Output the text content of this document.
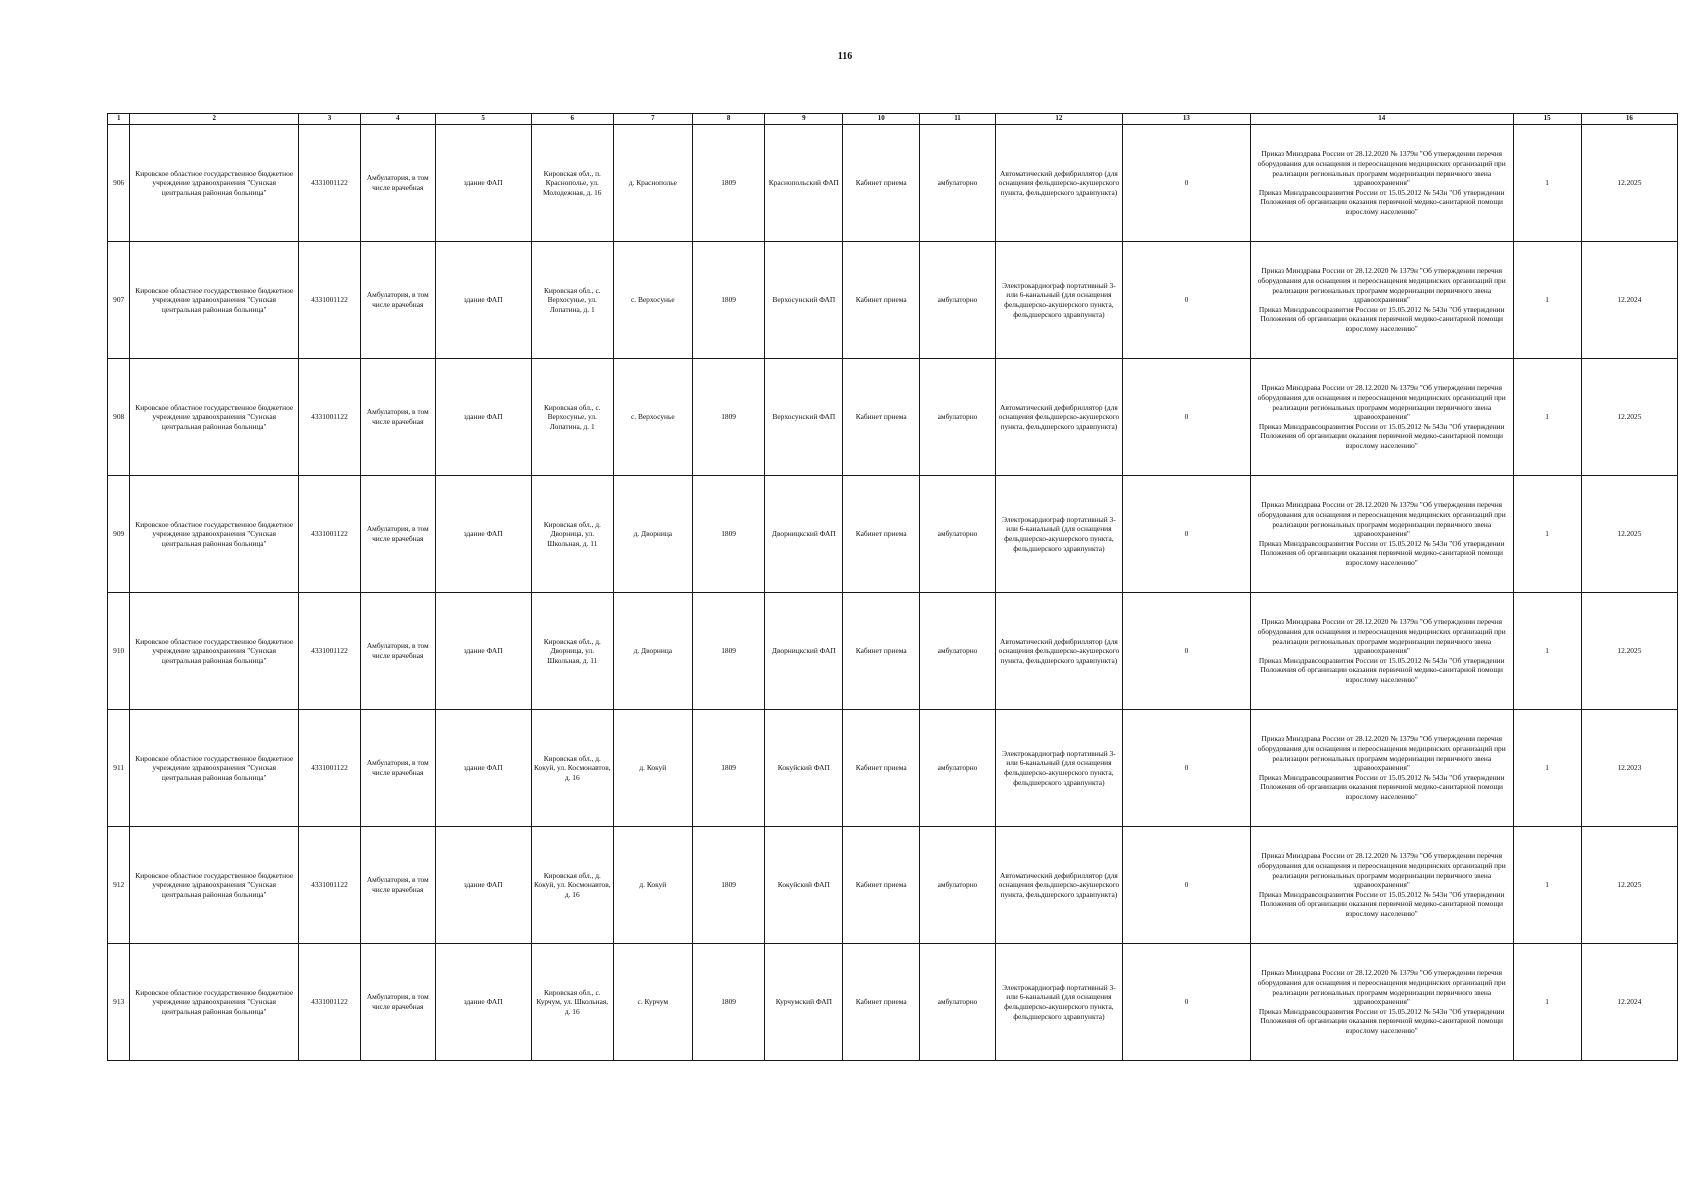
116
1	2	3	4	5	6	7	8	9	10	11	12	13	14	15	16
906	Кировское областное государственное бюджетное учреждение здравоохранения "Сунская центральная районная больница"	4331001122	Амбулатория, в том числе врачебная	здание ФАП	Кировская обл., п. Краснополье, ул. Молодежная, д. 16	д. Краснополье	1809	Краснопольский ФАП	Кабинет приема	амбулаторно	Автоматический дефибриллятор (для оснащения фельдшерско-акушерского пункта, фельдшерского здравпункта)	0	Приказ Минздрава России от 28.12.2020 № 1379н "Об утверждении перечня оборудования для оснащения и переоснащения медицинских организаций при реализации региональных программ модернизации первичного звена здравоохранения"
Приказ Минздравсоцразвития России от 15.05.2012 № 543н "Об утверждении Положения об организации оказания первичной медико-санитарной помощи взрослому населению"	1	12.2025
907	Кировское областное государственное бюджетное учреждение здравоохранения "Сунская центральная районная больница"	4331001122	Амбулатория, в том числе врачебная	здание ФАП	Кировская обл., с. Верхосунье, ул. Лопатина, д. 1	с. Верхосунье	1809	Верхосунский ФАП	Кабинет приема	амбулаторно	Электрокардиограф портативный 3- или 6-канальный (для оснащения фельдшерско-акушерского пункта, фельдшерского здравпункта)	0	Приказ Минздрава России от 28.12.2020 № 1379н "Об утверждении перечня оборудования для оснащения и переоснащения медицинских организаций при реализации региональных программ модернизации первичного звена здравоохранения"
Приказ Минздравсоцразвития России от 15.05.2012 № 543н "Об утверждении Положения об организации оказания первичной медико-санитарной помощи взрослому населению"	1	12.2024
908	Кировское областное государственное бюджетное учреждение здравоохранения "Сунская центральная районная больница"	4331001122	Амбулатория, в том числе врачебная	здание ФАП	Кировская обл., с. Верхосунье, ул. Лопатина, д. 1	с. Верхосунье	1809	Верхосунский ФАП	Кабинет приема	амбулаторно	Автоматический дефибриллятор (для оснащения фельдшерско-акушерского пункта, фельдшерского здравпункта)	0	Приказ Минздрава России от 28.12.2020 № 1379н "Об утверждении перечня оборудования для оснащения и переоснащения медицинских организаций при реализации региональных программ модернизации первичного звена здравоохранения"
Приказ Минздравсоцразвития России от 15.05.2012 № 543н "Об утверждении Положения об организации оказания первичной медико-санитарной помощи взрослому населению"	1	12.2025
909	Кировское областное государственное бюджетное учреждение здравоохранения "Сунская центральная районная больница"	4331001122	Амбулатория, в том числе врачебная	здание ФАП	Кировская обл., д. Дворница, ул. Школьная, д. 11	д. Дворница	1809	Дворницкский ФАП	Кабинет приема	амбулаторно	Электрокардиограф портативный 3- или 6-канальный (для оснащения фельдшерско-акушерского пункта, фельдшерского здравпункта)	0	Приказ Минздрава России от 28.12.2020 № 1379н "Об утверждении перечня оборудования для оснащения и переоснащения медицинских организаций при реализации региональных программ модернизации первичного звена здравоохранения"
Приказ Минздравсоцразвития России от 15.05.2012 № 543н "Об утверждении Положения об организации оказания первичной медико-санитарной помощи взрослому населению"	1	12.2025
910	Кировское областное государственное бюджетное учреждение здравоохранения "Сунская центральная районная больница"	4331001122	Амбулатория, в том числе врачебная	здание ФАП	Кировская обл., д. Дворница, ул. Школьная, д. 11	д. Дворница	1809	Дворницкский ФАП	Кабинет приема	амбулаторно	Автоматический дефибриллятор (для оснащения фельдшерско-акушерского пункта, фельдшерского здравпункта)	0	Приказ Минздрава России от 28.12.2020 № 1379н "Об утверждении перечня оборудования для оснащения и переоснащения медицинских организаций при реализации региональных программ модернизации первичного звена здравоохранения"
Приказ Минздравсоцразвития России от 15.05.2012 № 543н "Об утверждении Положения об организации оказания первичной медико-санитарной помощи взрослому населению"	1	12.2025
911	Кировское областное государственное бюджетное учреждение здравоохранения "Сунская центральная районная больница"	4331001122	Амбулатория, в том числе врачебная	здание ФАП	Кировская обл., д. Кокуй, ул. Космонавтов, д. 16	д. Кокуй	1809	Кокуйский ФАП	Кабинет приема	амбулаторно	Электрокардиограф портативный 3- или 6-канальный (для оснащения фельдшерско-акушерского пункта, фельдшерского здравпункта)	0	Приказ Минздрава России от 28.12.2020 № 1379н "Об утверждении перечня оборудования для оснащения и переоснащения медицинских организаций при реализации региональных программ модернизации первичного звена здравоохранения"
Приказ Минздравсоцразвития России от 15.05.2012 № 543н "Об утверждении Положения об организации оказания первичной медико-санитарной помощи взрослому населению"	1	12.2023
912	Кировское областное государственное бюджетное учреждение здравоохранения "Сунская центральная районная больница"	4331001122	Амбулатория, в том числе врачебная	здание ФАП	Кировская обл., д. Кокуй, ул. Космонавтов, д. 16	д. Кокуй	1809	Кокуйский ФАП	Кабинет приема	амбулаторно	Автоматический дефибриллятор (для оснащения фельдшерско-акушерского пункта, фельдшерского здравпункта)	0	Приказ Минздрава России от 28.12.2020 № 1379н "Об утверждении перечня оборудования для оснащения и переоснащения медицинских организаций при реализации региональных программ модернизации первичного звена здравоохранения"
Приказ Минздравсоцразвития России от 15.05.2012 № 543н "Об утверждении Положения об организации оказания первичной медико-санитарной помощи взрослому населению"	1	12.2025
913	Кировское областное государственное бюджетное учреждение здравоохранения "Сунская центральная районная больница"	4331001122	Амбулатория, в том числе врачебная	здание ФАП	Кировская обл., с. Курчум, ул. Школьная, д. 16	с. Курчум	1809	Курчумский ФАП	Кабинет приема	амбулаторно	Электрокардиограф портативный 3- или 6-канальный (для оснащения фельдшерско-акушерского пункта, фельдшерского здравпункта)	0	Приказ Минздрава России от 28.12.2020 № 1379н "Об утверждении перечня оборудования для оснащения и переоснащения медицинских организаций при реализации региональных программ модернизации первичного звена здравоохранения"
Приказ Минздравсоцразвития России от 15.05.2012 № 543н "Об утверждении Положения об организации оказания первичной медико-санитарной помощи взрослому населению"	1	12.2024
